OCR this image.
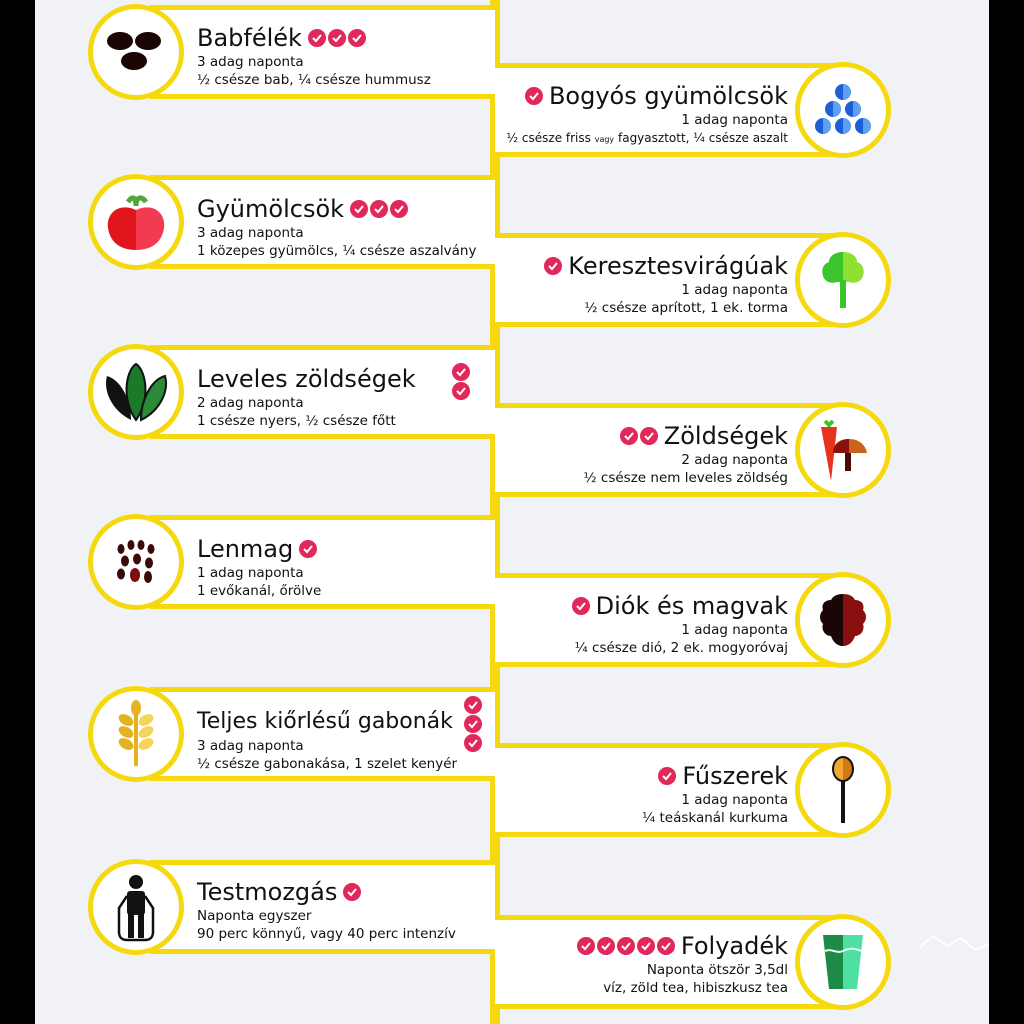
Babfélék
3 adag naponta
½ csésze bab, ¼ csésze hummusz
Bogyós gyümölcsök
1 adag naponta
½ csésze friss vagy fagyasztott, ¼ csésze aszalt
Gyümölcsök
3 adag naponta
1 közepes gyümölcs, ¼ csésze aszalvány
Keresztesvirágúak
1 adag naponta
½ csésze aprított, 1 ek. torma
Leveles zöldségek
2 adag naponta
1 csésze nyers, ½ csésze főtt
Zöldségek
2 adag naponta
½ csésze nem leveles zöldség
Lenmag
1 adag naponta
1 evőkanál, őrölve
Diók és magvak
1 adag naponta
¼ csésze dió, 2 ek. mogyoróvaj
Teljes kiőrlésű gabonák
3 adag naponta
½ csésze gabonakása, 1 szelet kenyér	Fűszerek
1 adag naponta
¼ teáskanál kurkuma
Testmozgás
Naponta egyszer
90 perc könnyű, vagy 40 perc intenzív	Folyadék
Naponta ötször 3,5dl
víz, zöld tea, hibiszkusz tea
